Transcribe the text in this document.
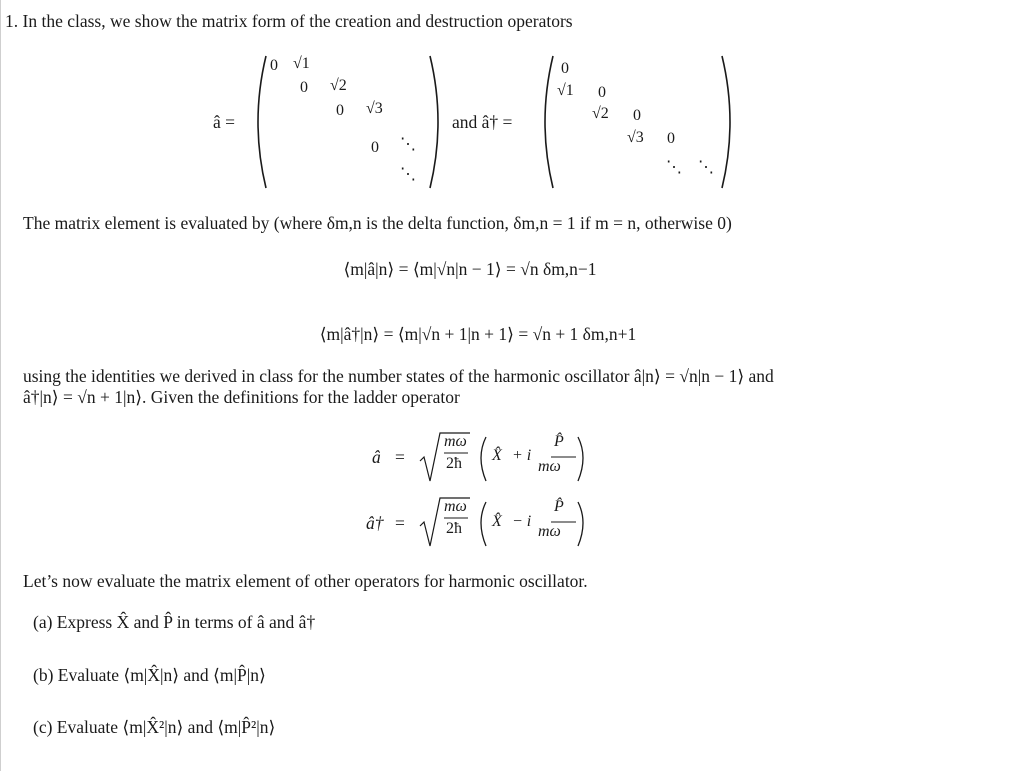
1. In the class, we show the matrix form of the creation and destruction operators
â =
0 √1
0 √2
0 √3
0 ⋱
⋱
and â† =
0
√1 0
√2 0
√3 0
⋱ ⋱
The matrix element is evaluated by (where δm,n is the delta function, δm,n = 1 if m = n, otherwise 0)
⟨m|â|n⟩ = ⟨m|√n|n − 1⟩ = √n δm,n−1
⟨m|â†|n⟩ = ⟨m|√n + 1|n + 1⟩ = √n + 1 δm,n+1
using the identities we derived in class for the number states of the harmonic oscillator â|n⟩ = √n|n − 1⟩ and
â†|n⟩ = √n + 1|n⟩. Given the definitions for the ladder operator
â =
mω
2ħ X̂ + i
P̂
mω
â† =
mω
2ħ X̂ − i
P̂
mω
Let’s now evaluate the matrix element of other operators for harmonic oscillator.
(a) Express X̂ and P̂ in terms of â and â†
(b) Evaluate ⟨m|X̂|n⟩ and ⟨m|P̂|n⟩
(c) Evaluate ⟨m|X̂²|n⟩ and ⟨m|P̂²|n⟩
